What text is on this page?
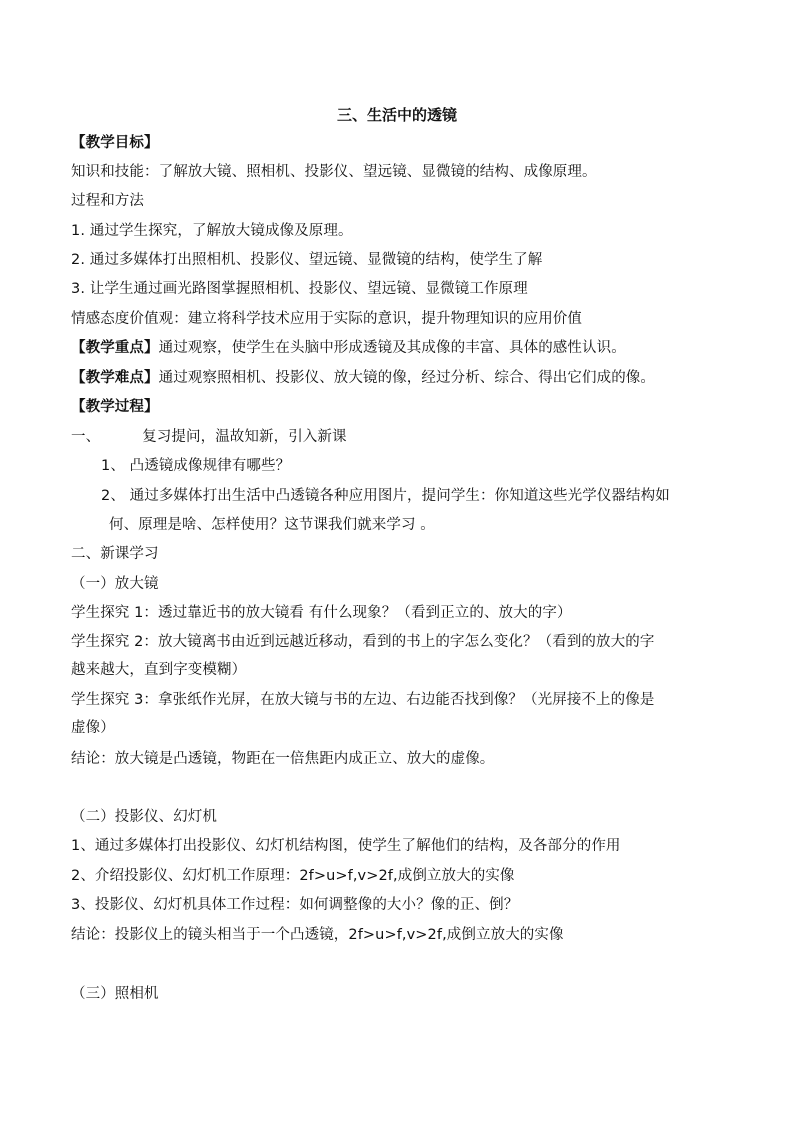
三、生活中的透镜
【教学目标】
知识和技能：了解放大镜、照相机、投影仪、望远镜、显微镜的结构、成像原理。
过程和方法
1. 通过学生探究，了解放大镜成像及原理。
2. 通过多媒体打出照相机、投影仪、望远镜、显微镜的结构，使学生了解
3. 让学生通过画光路图掌握照相机、投影仪、望远镜、显微镜工作原理
情感态度价值观：建立将科学技术应用于实际的意识，提升物理知识的应用价值
【教学重点】通过观察，使学生在头脑中形成透镜及其成像的丰富、具体的感性认识。
【教学难点】通过观察照相机、投影仪、放大镜的像，经过分析、综合、得出它们成的像。
【教学过程】
一、	复习提问，温故知新，引入新课
1、 凸透镜成像规律有哪些？
2、 通过多媒体打出生活中凸透镜各种应用图片，提问学生：你知道这些光学仪器结构如
何、原理是啥、怎样使用？这节课我们就来学习 。
二、新课学习
（一）放大镜
学生探究 1：透过靠近书的放大镜看 有什么现象？（看到正立的、放大的字）
学生探究 2：放大镜离书由近到远越近移动，看到的书上的字怎么变化？（看到的放大的字
越来越大，直到字变模糊）
学生探究 3：拿张纸作光屏，在放大镜与书的左边、右边能否找到像？（光屏接不上的像是
虚像）
结论：放大镜是凸透镜，物距在一倍焦距内成正立、放大的虚像。
（二）投影仪、幻灯机
1、通过多媒体打出投影仪、幻灯机结构图，使学生了解他们的结构，及各部分的作用
2、介绍投影仪、幻灯机工作原理：2f>u>f,v>2f,成倒立放大的实像
3、投影仪、幻灯机具体工作过程：如何调整像的大小？像的正、倒？
结论：投影仪上的镜头相当于一个凸透镜，2f>u>f,v>2f,成倒立放大的实像
（三）照相机
